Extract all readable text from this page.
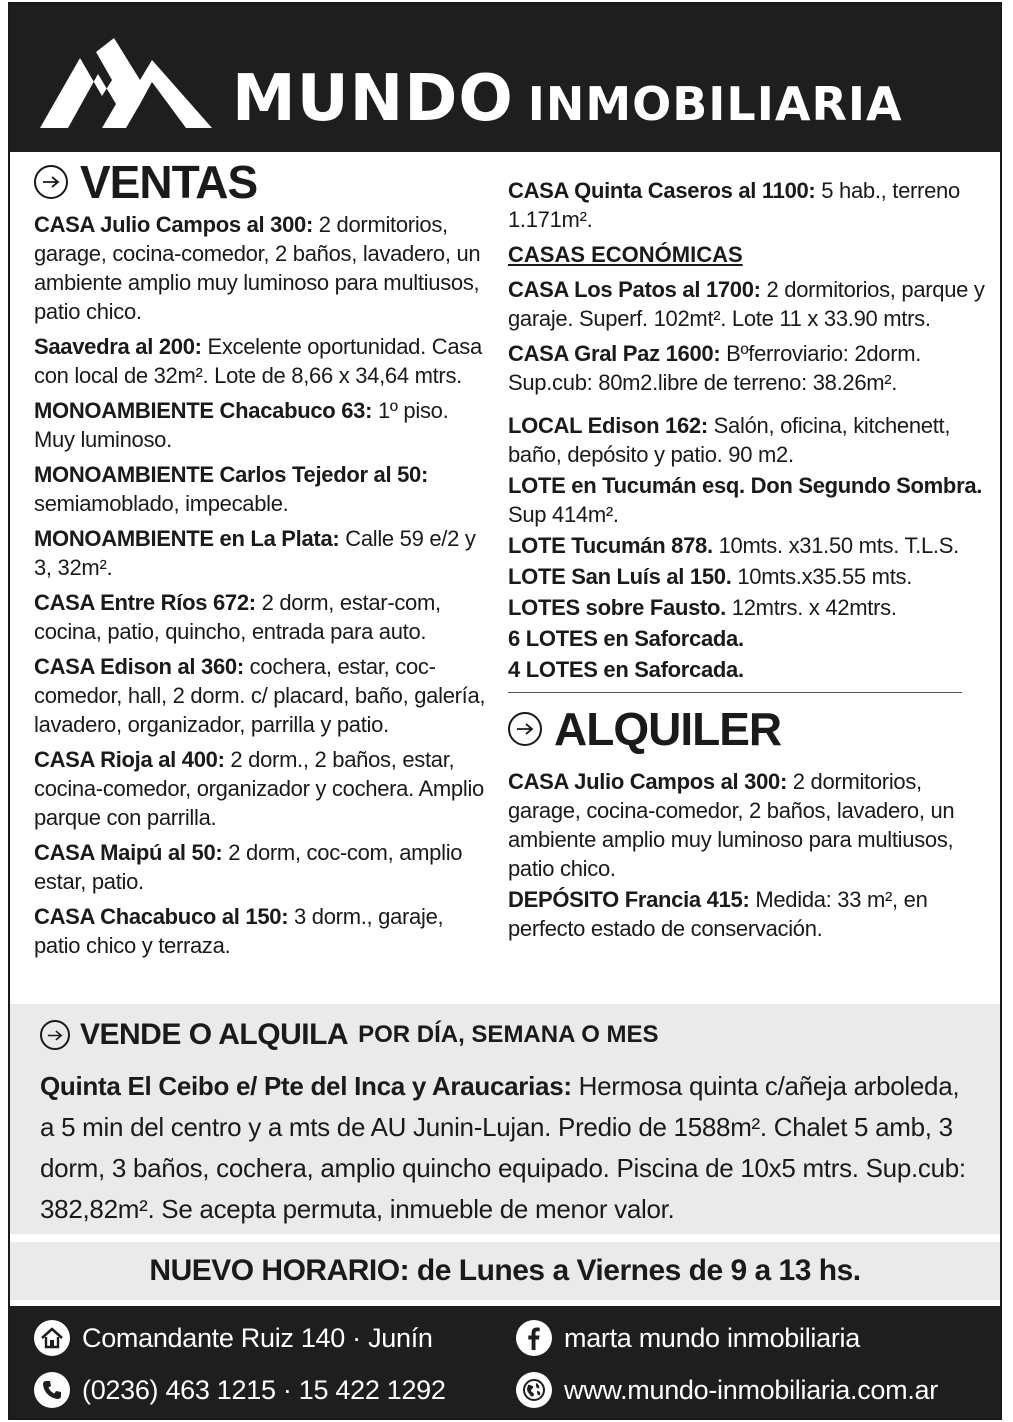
MUNDO INMOBILIARIA
VENTAS
CASA Julio Campos al 300: 2 dormitorios, garage, cocina-comedor, 2 baños, lavadero, un ambiente amplio muy luminoso para multiusos, patio chico.
Saavedra al 200: Excelente oportunidad. Casa con local de 32m². Lote de 8,66 x 34,64 mtrs.
MONOAMBIENTE Chacabuco 63: 1º piso. Muy luminoso.
MONOAMBIENTE Carlos Tejedor al 50: semiamoblado, impecable.
MONOAMBIENTE en La Plata: Calle 59 e/2 y 3, 32m².
CASA Entre Ríos 672: 2 dorm, estar-com, cocina, patio, quincho, entrada para auto.
CASA Edison al 360: cochera, estar, coc-comedor, hall, 2 dorm. c/ placard, baño, galería, lavadero, organizador, parrilla y patio.
CASA Rioja al 400: 2 dorm., 2 baños, estar, cocina-comedor, organizador y cochera. Amplio parque con parrilla.
CASA Maipú al 50: 2 dorm, coc-com, amplio estar, patio.
CASA Chacabuco al 150: 3 dorm., garaje, patio chico y terraza.
CASA Quinta Caseros al 1100: 5 hab., terreno 1.171m².
CASAS ECONÓMICAS
CASA Los Patos al 1700: 2 dormitorios, parque y garaje. Superf. 102mt². Lote 11 x 33.90 mtrs.
CASA Gral Paz 1600: Bºferroviario: 2dorm. Sup.cub: 80m2.libre de terreno: 38.26m².
LOCAL Edison 162: Salón, oficina, kitchenett, baño, depósito y patio. 90 m2.
LOTE en Tucumán esq. Don Segundo Sombra. Sup 414m².
LOTE Tucumán 878. 10mts. x31.50 mts. T.L.S.
LOTE San Luís al 150. 10mts.x35.55 mts.
LOTES sobre Fausto. 12mtrs. x 42mtrs.
6 LOTES en Saforcada.
4 LOTES en Saforcada.
ALQUILER
CASA Julio Campos al 300: 2 dormitorios, garage, cocina-comedor, 2 baños, lavadero, un ambiente amplio muy luminoso para multiusos, patio chico.
DEPÓSITO Francia 415: Medida: 33 m², en perfecto estado de conservación.
VENDE O ALQUILA POR DÍA, SEMANA O MES
Quinta El Ceibo e/ Pte del Inca y Araucarias: Hermosa quinta c/añeja arboleda, a 5 min del centro y a mts de AU Junin-Lujan. Predio de 1588m². Chalet 5 amb, 3 dorm, 3 baños, cochera, amplio quincho equipado. Piscina de 10x5 mtrs. Sup.cub: 382,82m². Se acepta permuta, inmueble de menor valor.
NUEVO HORARIO: de Lunes a Viernes de 9 a 13 hs.
Comandante Ruiz 140 · Junín
(0236) 463 1215 · 15 422 1292
marta mundo inmobiliaria
www.mundo-inmobiliaria.com.ar
